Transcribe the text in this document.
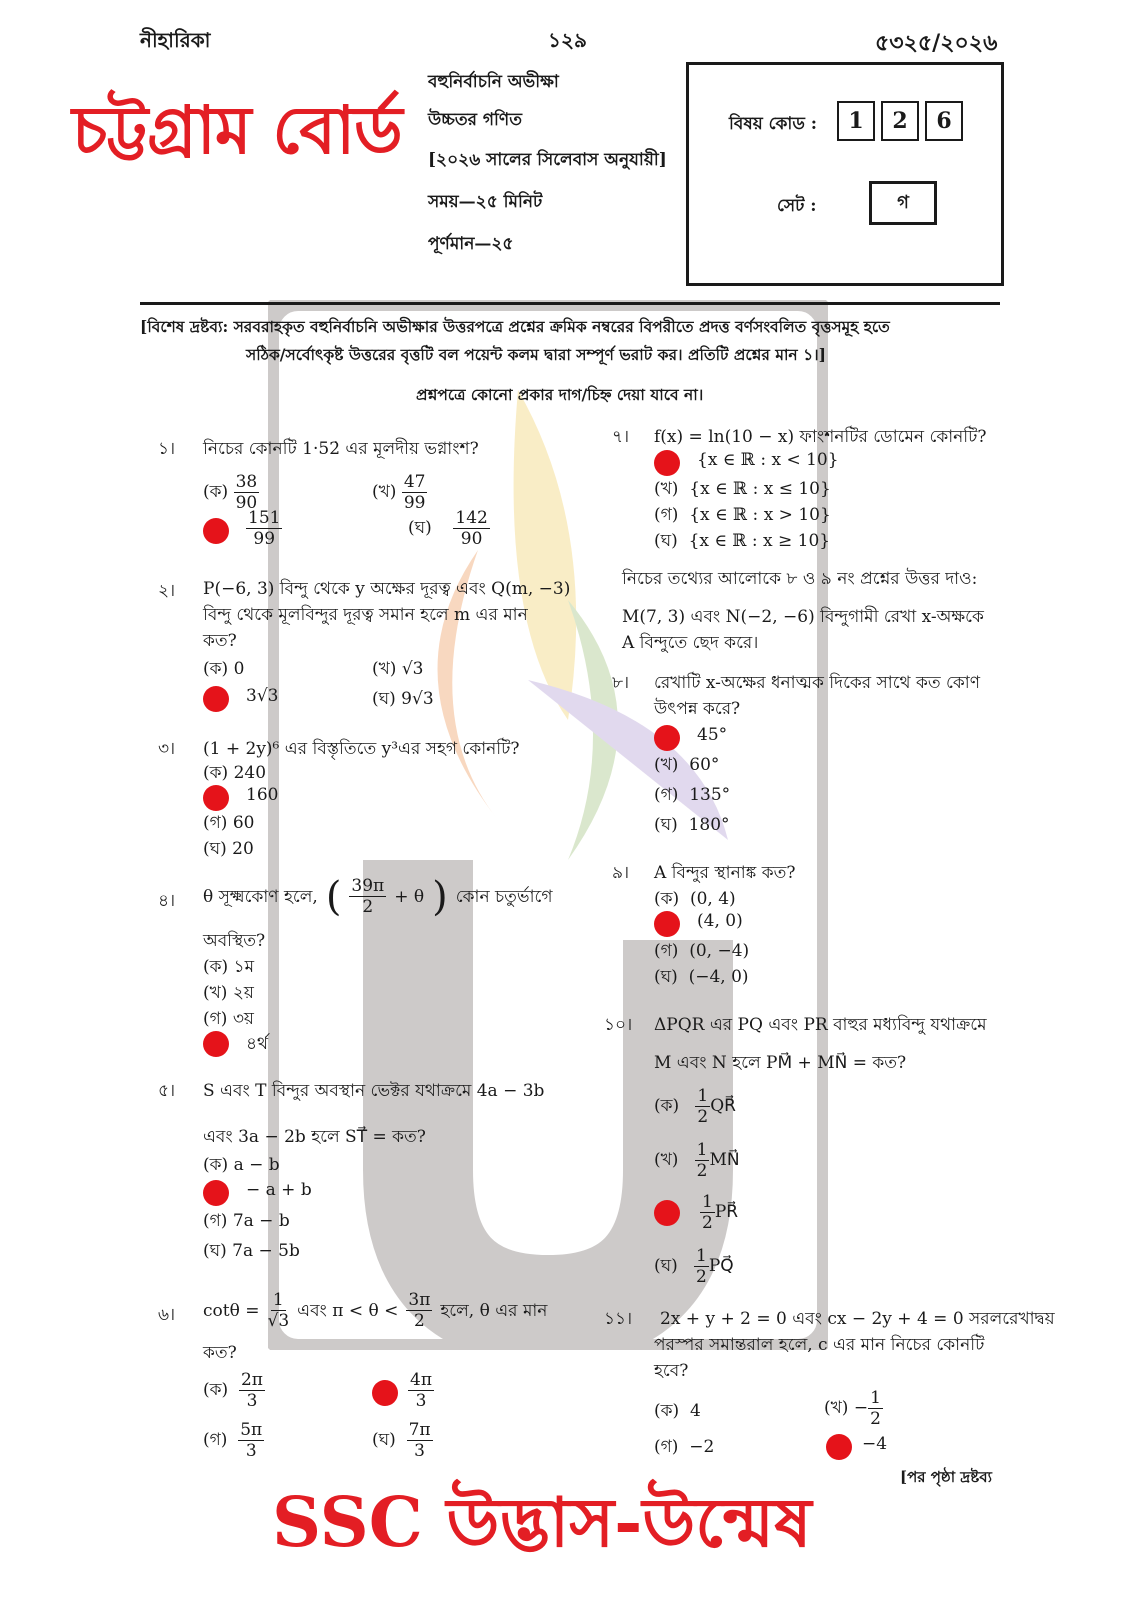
নীহারিকা	১২৯	৫৩২৫/২০২৬
চট্টগ্রাম বোর্ড
বহুনির্বাচনি অভীক্ষা
উচ্চতর গণিত
[২০২৬ সালের সিলেবাস অনুযায়ী]
সময়—২৫ মিনিট
পূর্ণমান—২৫
বিষয় কোড :	1	2	6
সেট :	গ
[বিশেষ দ্রষ্টব্য: সরবরাহকৃত বহুনির্বাচনি অভীক্ষার উত্তরপত্রে প্রশ্নের ক্রমিক নম্বরের বিপরীতে প্রদত্ত বর্ণসংবলিত বৃত্তসমূহ হতে
সঠিক/সর্বোৎকৃষ্ট উত্তরের বৃত্তটি বল পয়েন্ট কলম দ্বারা সম্পূর্ণ ভরাট কর। প্রতিটি প্রশ্নের মান ১।]
প্রশ্নপত্রে কোনো প্রকার দাগ/চিহ্ন দেয়া যাবে না।
১। নিচের কোনটি 1·52̇ এর মূলদীয় ভগ্নাংশ?
(ক) $\frac{38}{90}$	(খ) $\frac{47}{99}$
$\frac{151}{99}$	(ঘ) $\frac{142}{90}$
২। P(−6, 3) বিন্দু থেকে y অক্ষের দূরত্ব এবং Q(m, −3)
বিন্দু থেকে মূলবিন্দুর দূরত্ব সমান হলে m এর মান
কত?
(ক) 0	(খ) √3
3√3	(ঘ) 9√3
৩। (1 + 2y)⁶ এর বিস্তৃতিতে y³এর সহগ কোনটি?
(ক) 240
160
(গ) 60
(ঘ) 20
৪। θ সূক্ষ্মকোণ হলে, ( $\frac{39\pi}{2} + \theta$ ) কোন চতুর্ভাগে
অবস্থিত?
(ক) ১ম
(খ) ২য়
(গ) ৩য়
৪র্থ
৫। S এবং T বিন্দুর অবস্থান ভেক্টর যথাক্রমে 4a − 3b
এবং 3a − 2b হলে ST⃗ = কত?
(ক) a − b
− a + b
(গ) 7a − b
(ঘ) 7a − 5b
৬। $\cot\theta = \frac{1}{√3}$ এবং $\pi < \theta < \frac{3\pi}{2}$ হলে, θ এর মান
কত?
(ক) $\frac{2\pi}{3}$	$\frac{4\pi}{3}$
(গ) $\frac{5\pi}{3}$	(ঘ) $\frac{7\pi}{3}$
৭। f(x) = ln(10 − x) ফাংশনটির ডোমেন কোনটি?
{x ∈ ℝ : x < 10}
(খ) {x ∈ ℝ : x ≤ 10}
(গ) {x ∈ ℝ : x > 10}
(ঘ) {x ∈ ℝ : x ≥ 10}
নিচের তথ্যের আলোকে ৮ ও ৯ নং প্রশ্নের উত্তর দাও:
M(7, 3) এবং N(−2, −6) বিন্দুগামী রেখা x-অক্ষকে
A বিন্দুতে ছেদ করে।
৮। রেখাটি x-অক্ষের ধনাত্মক দিকের সাথে কত কোণ
উৎপন্ন করে?
45°
(খ) 60°
(গ) 135°
(ঘ) 180°
৯। A বিন্দুর স্থানাঙ্ক কত?
(ক) (0, 4)
(4, 0)
(গ) (0, −4)
(ঘ) (−4, 0)
১০। ΔPQR এর PQ এবং PR বাহুর মধ্যবিন্দু যথাক্রমে
M এবং N হলে PM⃗ + MN⃗ = কত?
(ক) $\frac{1}{2}$ QR⃗
(খ) $\frac{1}{2}$ MN⃗
$\frac{1}{2}$ PR⃗
(ঘ) $\frac{1}{2}$ PQ⃗
১১। 2x + y + 2 = 0 এবং cx − 2y + 4 = 0 সরলরেখাদ্বয়
পরস্পর সমান্তরাল হলে, c এর মান নিচের কোনটি
হবে?
(ক) 4	(খ) − $\frac{1}{2}$
(গ) −2	−4
[পর পৃষ্ঠা দ্রষ্টব্য
SSC উদ্ভাস-উন্মেষ
